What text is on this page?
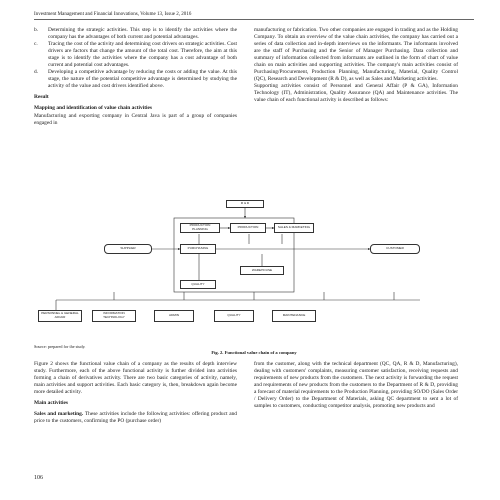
Investment Management and Financial Innovations, Volume 13, Issue 2, 2016

b. Determining the strategic activities. This step is to identify the activities where the company has the advantages of both current and potential advantages.

c. Tracing the cost of the activity and determining cost drivers on strategic activities. Cost drivers are factors that change the amount of the total cost. Therefore, the aim at this stage is to identify the activities where the company has a cost advantage of both current and potential cost advantages.

d. Developing a competitive advantage by reducing the costs or adding the value. At this stage, the nature of the potential competitive advantage is determined by studying the activity of the value and cost drivers identified above.

Result

Mapping and identification of value chain activities

Manufacturing and exporting company in Central Java is part of a group of companies engaged in

manufacturing or fabrication. Two other companies are engaged in trading and as the Holding Company. To obtain an overview of the value chain activities, the company has carried out a series of data collection and in-depth interviews on the informants. The informants involved are the staff of Purchasing and the Senior of Manager Purchasing. Data collection and summary of information collected from informants are outlined in the form of chart of value chain on main activities and supporting activities. The company's main activities consist of Purchasing/Procurement, Production Planning, Manufacturing, Material, Quality Control (QC), Research and Development (R & D), as well as Sales and Marketing activities.

Supporting activities consist of Personnel and General Affair (P & GA), Information Technology (IT), Administration, Quality Assurance (QA) and Maintenance activities. The value chain of each functional activity is described as follows:

R & D
PRODUCTION PLANNING	PRODUCTION	SALES & MARKETING
SUPPLIER	PURCHASING	CUSTOMER
WAREHOUSE
QUALITY
PERSONNEL & GENERAL AFFAIR
INFORMATION TECHNOLOGY	ADMIN	QUALITY	MAINTENANCE
Source: prepared for the study.
Fig. 2. Functional value chain of a company

Figure 2 shows the functional value chain of a company as the results of depth interview study. Furthermore, each of the above functional activity is further divided into activities forming a chain of derivatives activity. There are two basic categories of activity, namely, main activities and support activities. Each basic category is, then, breakdown again become more detailed activity.

Main activities

Sales and marketing. These activities include the following activities: offering product and price to the customers, confirming the PO (purchase order)

from the customer, along with the technical department (QC, QA, R & D, Manufacturing), dealing with customers' complaints, measuring customer satisfaction, receiving requests and requirements of new products from the customers. The next activity is forwarding the request and requirements of new products from the customers to the Department of R & D, providing a forecast of material requirements to the Production Planning, providing SO/DO (Sales Order / Delivery Order) to the Department of Materials, asking QC department to sent a lot of samples to customers, conducting competitor analysis, promoting new products and

106
